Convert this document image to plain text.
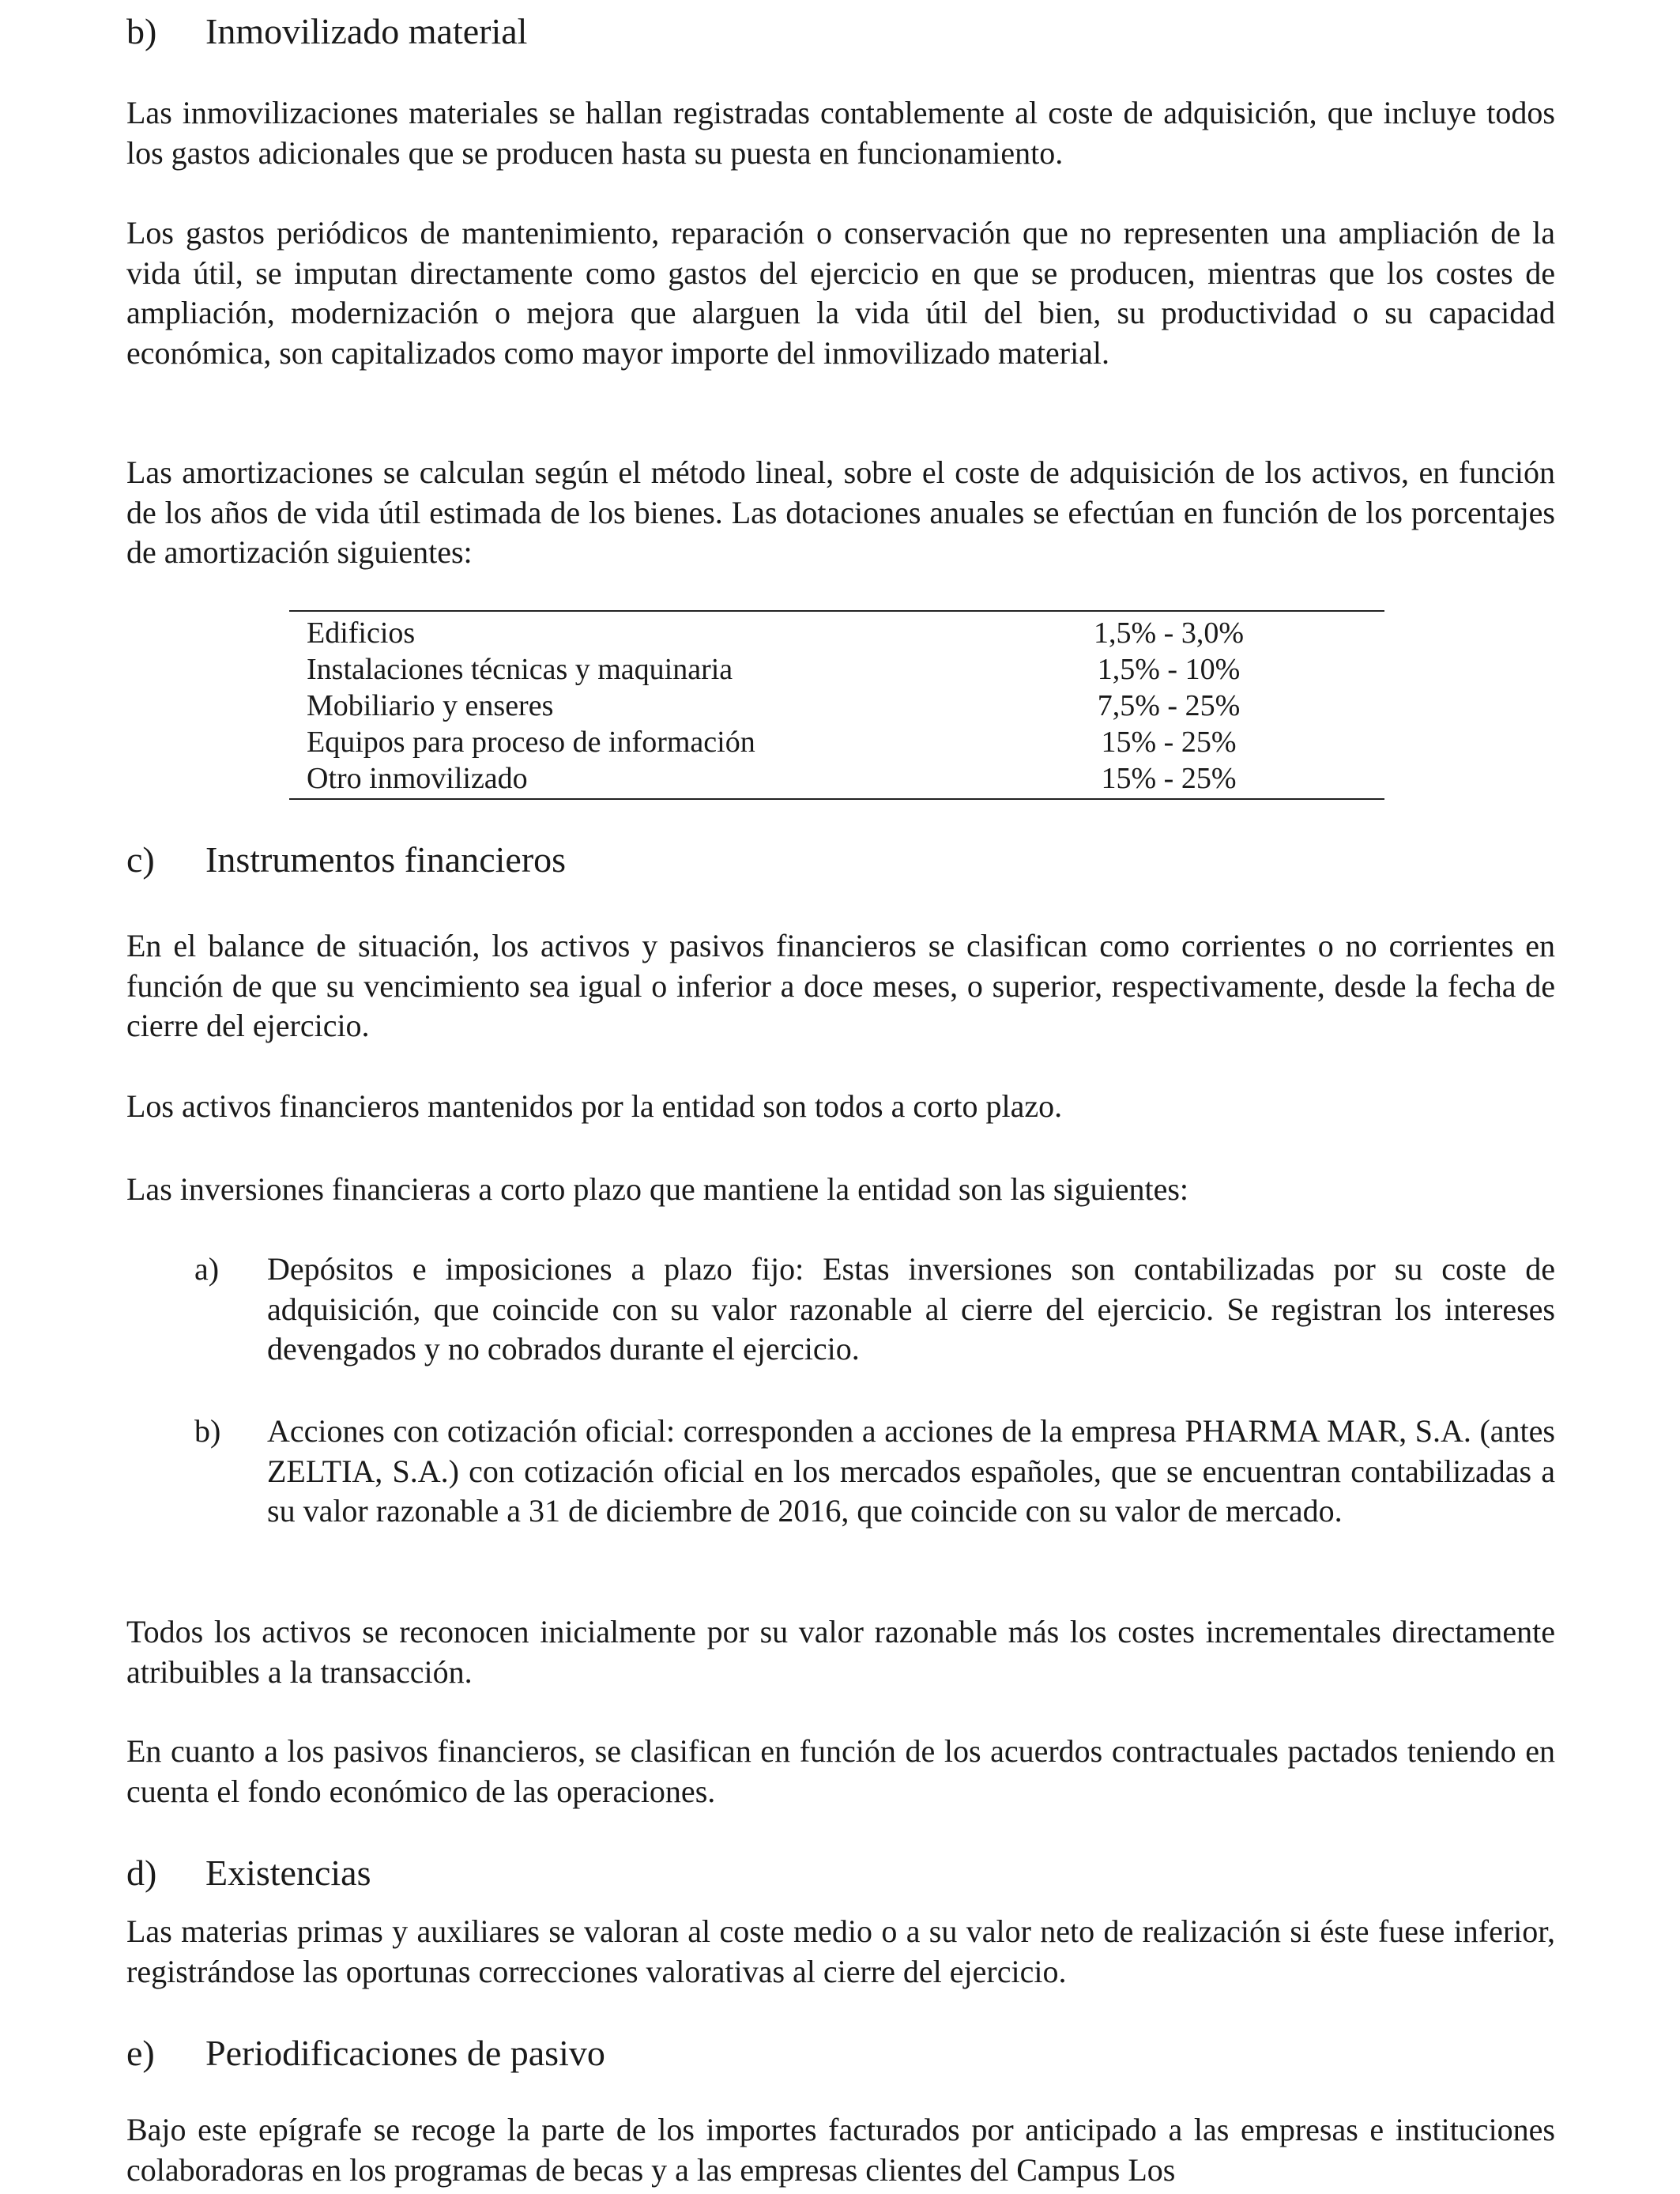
b) Inmovilizado material

Las inmovilizaciones materiales se hallan registradas contablemente al coste de adquisición, que incluye todos los gastos adicionales que se producen hasta su puesta en funcionamiento.

Los gastos periódicos de mantenimiento, reparación o conservación que no representen una ampliación de la vida útil, se imputan directamente como gastos del ejercicio en que se producen, mientras que los costes de ampliación, modernización o mejora que alarguen la vida útil del bien, su productividad o su capacidad económica, son capitalizados como mayor importe del inmovilizado material.

Las amortizaciones se calculan según el método lineal, sobre el coste de adquisición de los activos, en función de los años de vida útil estimada de los bienes. Las dotaciones anuales se efectúan en función de los porcentajes de amortización siguientes:

Edificios	1,5% - 3,0%
Instalaciones técnicas y maquinaria	1,5% - 10%
Mobiliario y enseres	7,5% - 25%
Equipos para proceso de información	15% - 25%
Otro inmovilizado	15% - 25%
c) Instrumentos financieros

En el balance de situación, los activos y pasivos financieros se clasifican como corrientes o no corrientes en función de que su vencimiento sea igual o inferior a doce meses, o superior, respectivamente, desde la fecha de cierre del ejercicio.

Los activos financieros mantenidos por la entidad son todos a corto plazo.

Las inversiones financieras a corto plazo que mantiene la entidad son las siguientes:

a) Depósitos e imposiciones a plazo fijo: Estas inversiones son contabilizadas por su coste de adquisición, que coincide con su valor razonable al cierre del ejercicio. Se registran los intereses devengados y no cobrados durante el ejercicio.

b) Acciones con cotización oficial: corresponden a acciones de la empresa PHARMA MAR, S.A. (antes ZELTIA, S.A.) con cotización oficial en los mercados españoles, que se encuentran contabilizadas a su valor razonable a 31 de diciembre de 2016, que coincide con su valor de mercado.

Todos los activos se reconocen inicialmente por su valor razonable más los costes incrementales directamente atribuibles a la transacción.

En cuanto a los pasivos financieros, se clasifican en función de los acuerdos contractuales pactados teniendo en cuenta el fondo económico de las operaciones.

d) Existencias

Las materias primas y auxiliares se valoran al coste medio o a su valor neto de realización si éste fuese inferior, registrándose las oportunas correcciones valorativas al cierre del ejercicio.

e) Periodificaciones de pasivo

Bajo este epígrafe se recoge la parte de los importes facturados por anticipado a las empresas e instituciones colaboradoras en los programas de becas y a las empresas clientes del Campus Los
